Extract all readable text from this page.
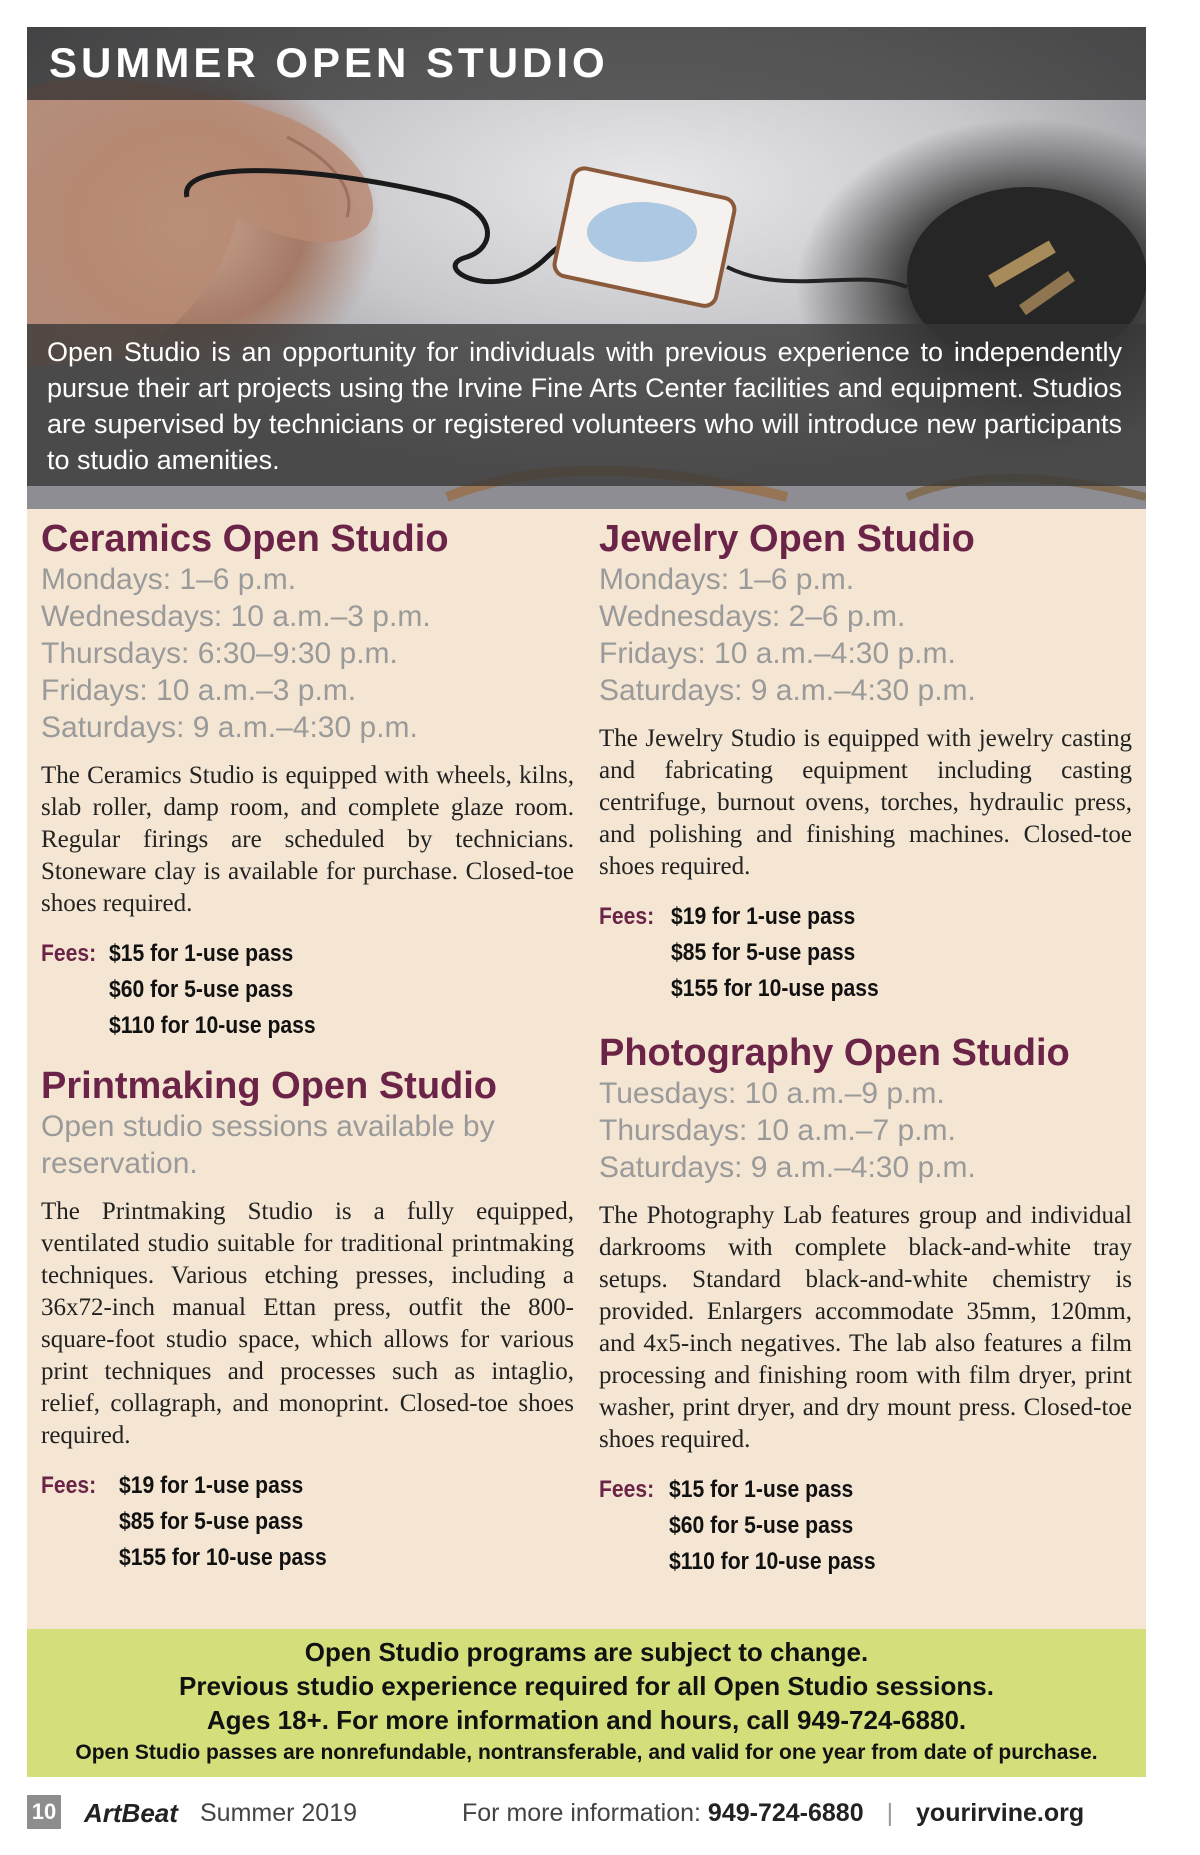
SUMMER OPEN STUDIO
Open Studio is an opportunity for individuals with previous experience to independently pursue their art projects using the Irvine Fine Arts Center facilities and equipment. Studios are supervised by technicians or registered volunteers who will introduce new participants to studio amenities.
Ceramics Open Studio
Mondays: 1–6 p.m.
Wednesdays: 10 a.m.–3 p.m.
Thursdays: 6:30–9:30 p.m.
Fridays: 10 a.m.–3 p.m.
Saturdays: 9 a.m.–4:30 p.m.

The Ceramics Studio is equipped with wheels, kilns, slab roller, damp room, and complete glaze room. Regular firings are scheduled by technicians. Stoneware clay is available for purchase. Closed-toe shoes required.

Fees: $15 for 1-use pass
$60 for 5-use pass
$110 for 10-use pass
Printmaking Open Studio
Open studio sessions available by
reservation.

The Printmaking Studio is a fully equipped, ventilated studio suitable for traditional printmaking techniques. Various etching presses, including a 36x72-inch manual Ettan press, outfit the 800-square-foot studio space, which allows for various print techniques and processes such as intaglio, relief, collagraph, and monoprint. Closed-toe shoes required.

Fees: $19 for 1-use pass
$85 for 5-use pass
$155 for 10-use pass
Jewelry Open Studio
Mondays: 1–6 p.m.
Wednesdays: 2–6 p.m.
Fridays: 10 a.m.–4:30 p.m.
Saturdays: 9 a.m.–4:30 p.m.

The Jewelry Studio is equipped with jewelry casting and fabricating equipment including casting centrifuge, burnout ovens, torches, hydraulic press, and polishing and finishing machines. Closed-toe shoes required.

Fees: $19 for 1-use pass
$85 for 5-use pass
$155 for 10-use pass
Photography Open Studio
Tuesdays: 10 a.m.–9 p.m.
Thursdays: 10 a.m.–7 p.m.
Saturdays: 9 a.m.–4:30 p.m.

The Photography Lab features group and individual darkrooms with complete black-and-white tray setups. Standard black-and-white chemistry is provided. Enlargers accommodate 35mm, 120mm, and 4x5-inch negatives. The lab also features a film processing and finishing room with film dryer, print washer, print dryer, and dry mount press. Closed-toe shoes required.

Fees: $15 for 1-use pass
$60 for 5-use pass
$110 for 10-use pass
Open Studio programs are subject to change.
Previous studio experience required for all Open Studio sessions.
Ages 18+. For more information and hours, call 949-724-6880.
Open Studio passes are nonrefundable, nontransferable, and valid for one year from date of purchase.
10 ArtBeat Summer 2019	For more information: 949-724-6880 | yourirvine.org
